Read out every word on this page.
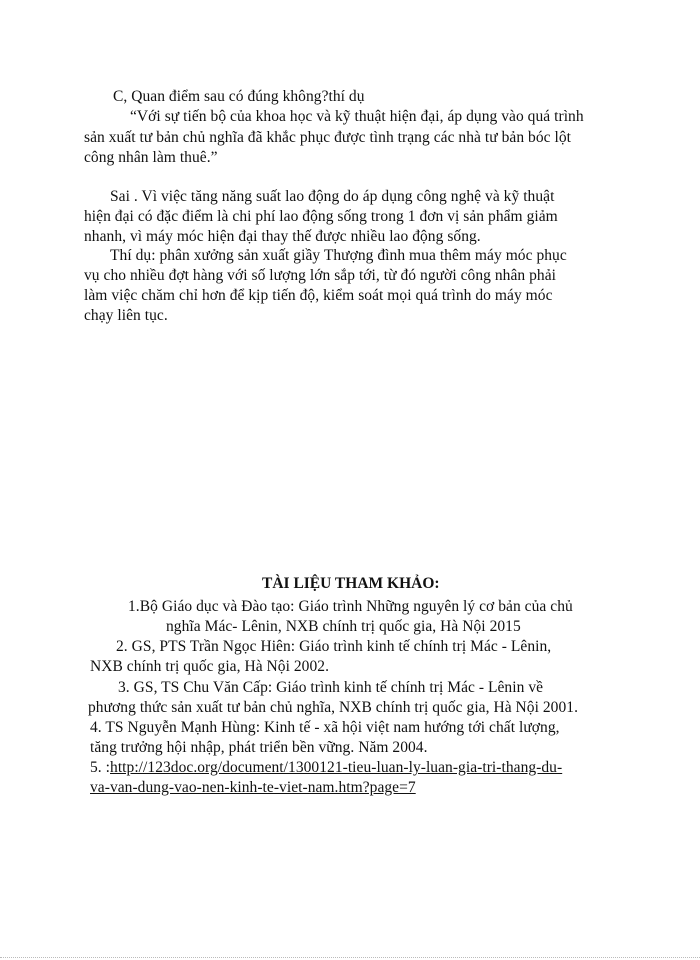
C, Quan điểm sau có đúng không?thí dụ
“Với sự tiến bộ của khoa học và kỹ thuật hiện đại, áp dụng vào quá trình
sản xuất tư bản chủ nghĩa đã khắc phục được tình trạng các nhà tư bản bóc lột
công nhân làm thuê.”
Sai . Vì việc tăng năng suất lao động do áp dụng công nghệ và kỹ thuật
hiện đại có đặc điểm là chi phí lao động sống trong 1 đơn vị sản phẩm giảm
nhanh, vì máy móc hiện đại thay thế được nhiều lao động sống.
Thí dụ: phân xưởng sản xuất giầy Thượng đình mua thêm máy móc phục
vụ cho nhiều đợt hàng với số lượng lớn sắp tới, từ đó người công nhân phải
làm việc chăm chỉ hơn để kịp tiến độ, kiểm soát mọi quá trình do máy móc
chạy liên tục.
TÀI LIỆU THAM KHẢO:
1.Bộ Giáo dục và Đào tạo: Giáo trình Những nguyên lý cơ bản của chủ
nghĩa Mác- Lênin, NXB chính trị quốc gia, Hà Nội 2015
2. GS, PTS Trần Ngọc Hiên: Giáo trình kinh tế chính trị Mác - Lênin,
NXB chính trị quốc gia, Hà Nội 2002.
3. GS, TS Chu Văn Cấp: Giáo trình kinh tế chính trị Mác - Lênin về
phương thức sản xuất tư bản chủ nghĩa, NXB chính trị quốc gia, Hà Nội 2001.
4. TS Nguyễn Mạnh Hùng: Kinh tế - xã hội việt nam hướng tới chất lượng,
tăng trưởng hội nhập, phát triển bền vững. Năm 2004.
5. :http://123doc.org/document/1300121-tieu-luan-ly-luan-gia-tri-thang-du-
va-van-dung-vao-nen-kinh-te-viet-nam.htm?page=7
